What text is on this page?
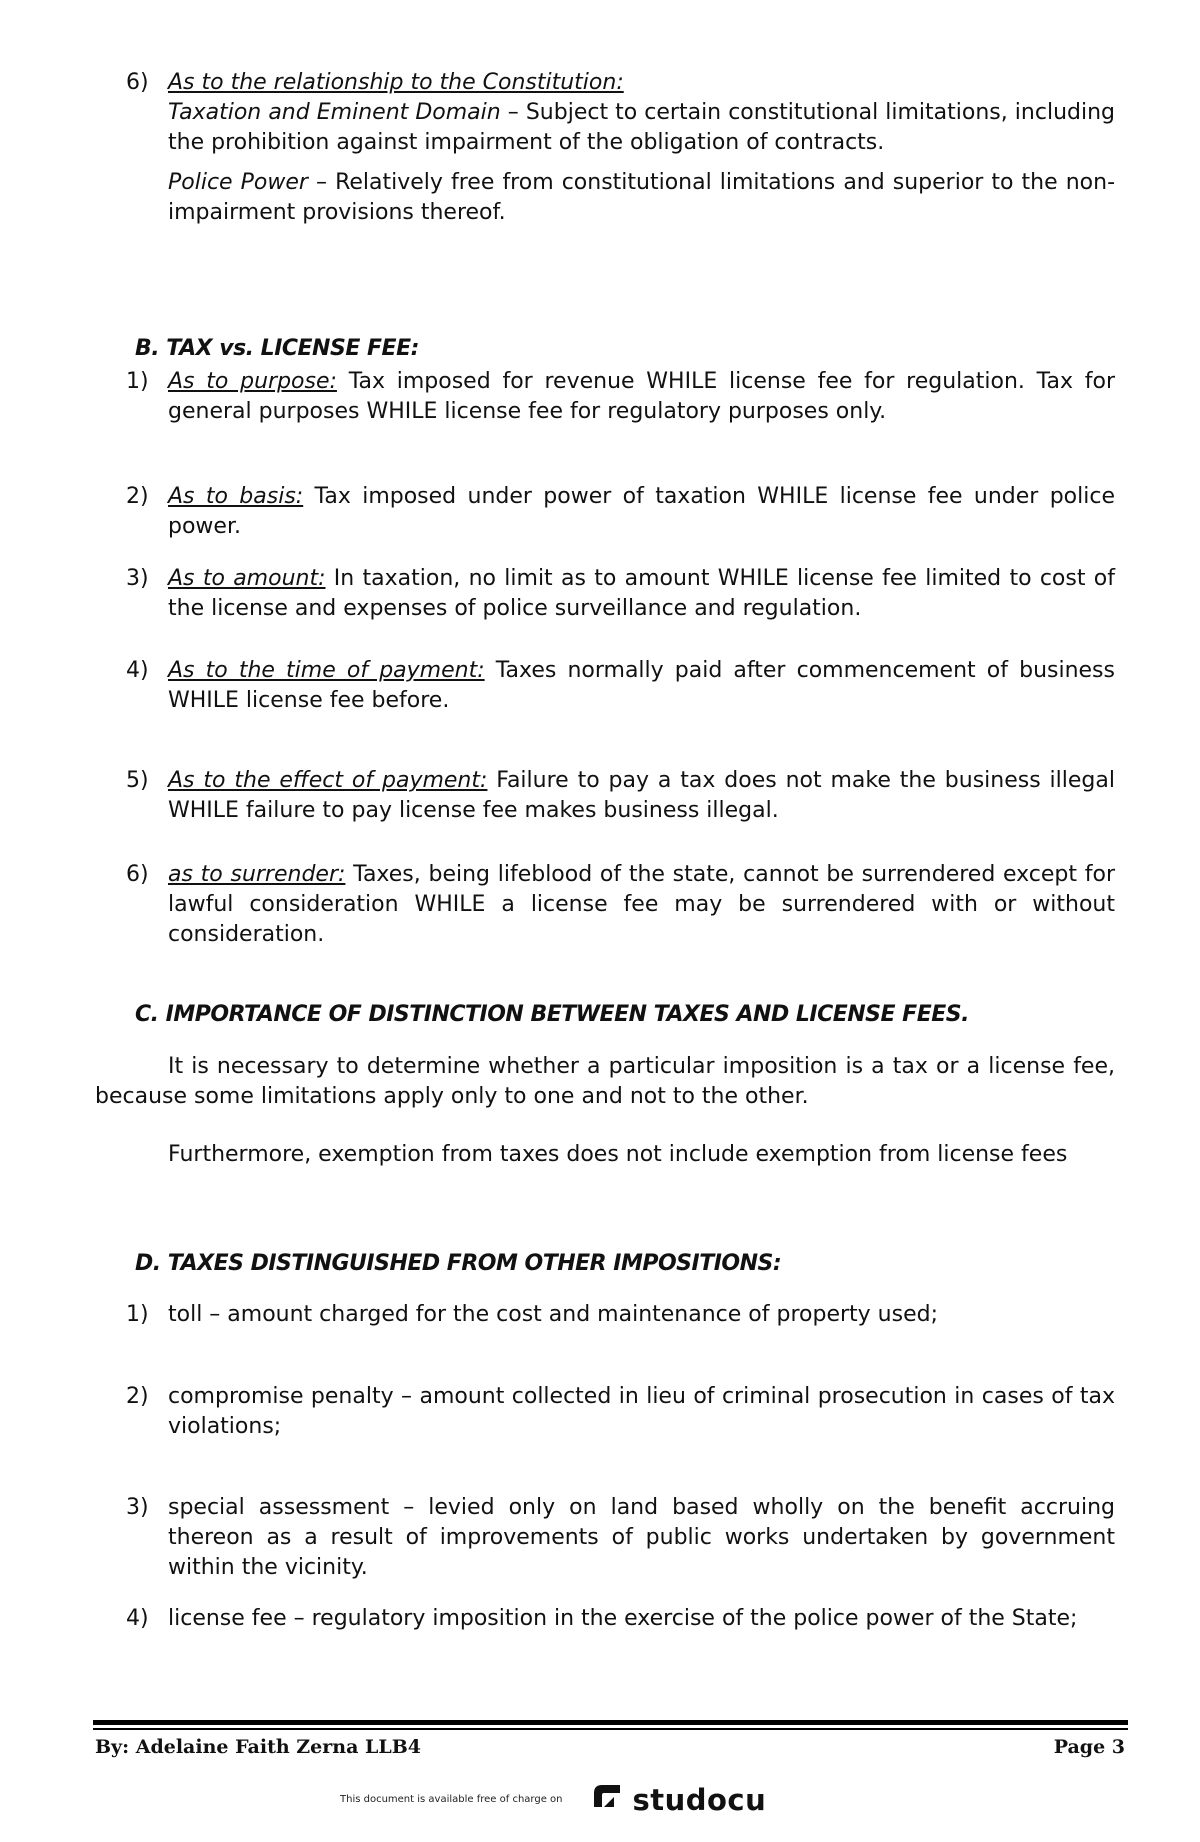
6) As to the relationship to the Constitution:
Taxation and Eminent Domain – Subject to certain constitutional limitations, including the prohibition against impairment of the obligation of contracts.
Police Power – Relatively free from constitutional limitations and superior to the non-impairment provisions thereof.
B. TAX vs. LICENSE FEE:
1) As to purpose: Tax imposed for revenue WHILE license fee for regulation. Tax for general purposes WHILE license fee for regulatory purposes only.
2) As to basis: Tax imposed under power of taxation WHILE license fee under police power.
3) As to amount: In taxation, no limit as to amount WHILE license fee limited to cost of the license and expenses of police surveillance and regulation.
4) As to the time of payment: Taxes normally paid after commencement of business WHILE license fee before.
5) As to the effect of payment: Failure to pay a tax does not make the business illegal WHILE failure to pay license fee makes business illegal.
6) as to surrender: Taxes, being lifeblood of the state, cannot be surrendered except for lawful consideration WHILE a license fee may be surrendered with or without consideration.
C. IMPORTANCE OF DISTINCTION BETWEEN TAXES AND LICENSE FEES.
It is necessary to determine whether a particular imposition is a tax or a license fee, because some limitations apply only to one and not to the other.
Furthermore, exemption from taxes does not include exemption from license fees
D. TAXES DISTINGUISHED FROM OTHER IMPOSITIONS:
1) toll – amount charged for the cost and maintenance of property used;
2) compromise penalty – amount collected in lieu of criminal prosecution in cases of tax violations;
3) special assessment – levied only on land based wholly on the benefit accruing thereon as a result of improvements of public works undertaken by government within the vicinity.
4) license fee – regulatory imposition in the exercise of the police power of the State;
By: Adelaine Faith Zerna LLB4	Page 3
This document is available free of charge on studocu
